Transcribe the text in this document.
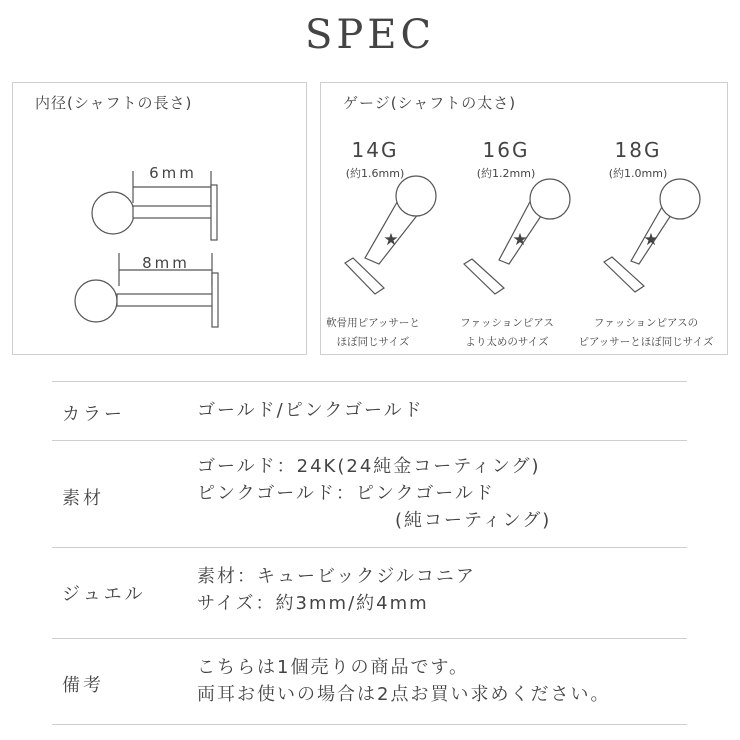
SPEC
内径(シャフトの長さ)
6mm
8mm
ゲージ(シャフトの太さ)
14G
(約1.6mm)
★
軟骨用ピアッサーと
ほぼ同じサイズ
16G
(約1.2mm)
★
ファッションピアス
より太めのサイズ
18G
(約1.0mm)
★
ファッションピアスの
ピアッサーとほぼ同じサイズ
カラー	ゴールド/ピンクゴールド
素材
ゴールド：24K(24純金コーティング)
ピンクゴールド：ピンクゴールド
(純コーティング)
ジュエル
素材：キュービックジルコニア
サイズ：約3mm/約4mm
備考
こちらは1個売りの商品です。
両耳お使いの場合は2点お買い求めください。
